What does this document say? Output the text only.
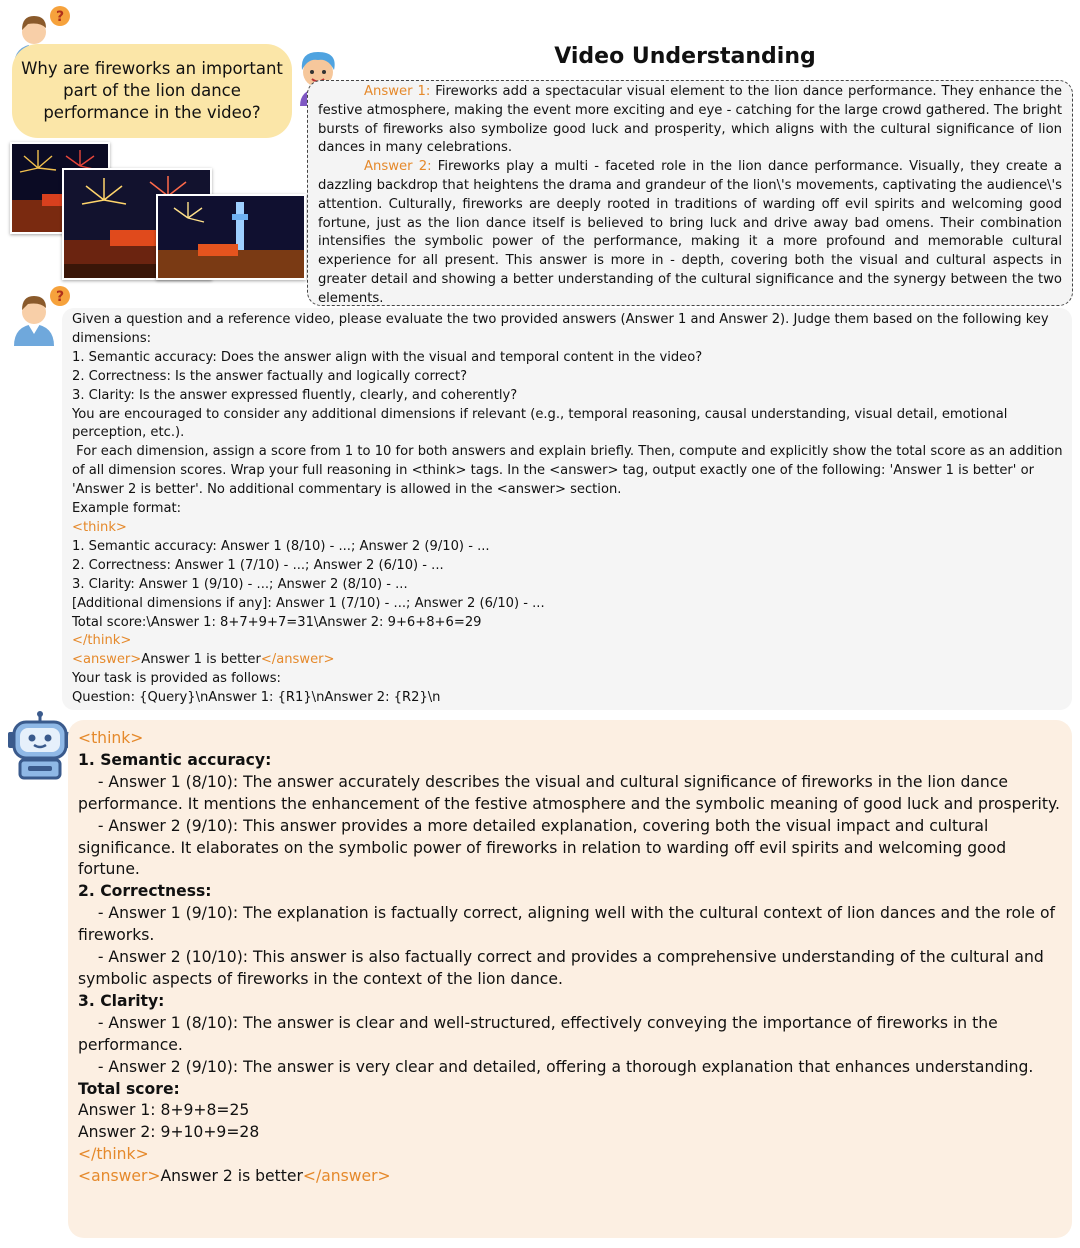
?
Why are fireworks an important
part of the lion dance
performance in the video?
Video Understanding

Answer 1: Fireworks add a spectacular visual element to the lion dance performance. They enhance the festive atmosphere, making the event more exciting and eye - catching for the large crowd gathered. The bright bursts of fireworks also symbolize good luck and prosperity, which aligns with the cultural significance of lion dances in many celebrations.

Answer 2: Fireworks play a multi - faceted role in the lion dance performance. Visually, they create a dazzling backdrop that heightens the drama and grandeur of the lion\'s movements, captivating the audience\'s attention. Culturally, fireworks are deeply rooted in traditions of warding off evil spirits and welcoming good fortune, just as the lion dance itself is believed to bring luck and drive away bad omens. Their combination intensifies the symbolic power of the performance, making it a more profound and memorable cultural experience for all present. This answer is more in - depth, covering both the visual and cultural aspects in greater detail and showing a better understanding of the cultural significance and the synergy between the two elements.

?
Given a question and a reference video, please evaluate the two provided answers (Answer 1 and Answer 2). Judge them based on the following key dimensions:
1. Semantic accuracy: Does the answer align with the visual and temporal content in the video?
2. Correctness: Is the answer factually and logically correct?
3. Clarity: Is the answer expressed fluently, clearly, and coherently?
You are encouraged to consider any additional dimensions if relevant (e.g., temporal reasoning, causal understanding, visual detail, emotional perception, etc.).
For each dimension, assign a score from 1 to 10 for both answers and explain briefly. Then, compute and explicitly show the total score as an addition of all dimension scores. Wrap your full reasoning in <think> tags. In the <answer> tag, output exactly one of the following: 'Answer 1 is better' or 'Answer 2 is better'. No additional commentary is allowed in the <answer> section.
Example format:
<think>
1. Semantic accuracy: Answer 1 (8/10) - ...; Answer 2 (9/10) - ...
2. Correctness: Answer 1 (7/10) - ...; Answer 2 (6/10) - ...
3. Clarity: Answer 1 (9/10) - ...; Answer 2 (8/10) - ...
[Additional dimensions if any]: Answer 1 (7/10) - ...; Answer 2 (6/10) - ...
Total score:\Answer 1: 8+7+9+7=31\Answer 2: 9+6+8+6=29
</think>
<answer>Answer 1 is better</answer>
Your task is provided as follows:
Question: {Query}\nAnswer 1: {R1}\nAnswer 2: {R2}\n
<think>
1. Semantic accuracy:
- Answer 1 (8/10): The answer accurately describes the visual and cultural significance of fireworks in the lion dance performance. It mentions the enhancement of the festive atmosphere and the symbolic meaning of good luck and prosperity.
- Answer 2 (9/10): This answer provides a more detailed explanation, covering both the visual impact and cultural significance. It elaborates on the symbolic power of fireworks in relation to warding off evil spirits and welcoming good fortune.
2. Correctness:
- Answer 1 (9/10): The explanation is factually correct, aligning well with the cultural context of lion dances and the role of fireworks.
- Answer 2 (10/10): This answer is also factually correct and provides a comprehensive understanding of the cultural and symbolic aspects of fireworks in the context of the lion dance.
3. Clarity:
- Answer 1 (8/10): The answer is clear and well-structured, effectively conveying the importance of fireworks in the performance.
- Answer 2 (9/10): The answer is very clear and detailed, offering a thorough explanation that enhances understanding.
Total score:
Answer 1: 8+9+8=25
Answer 2: 9+10+9=28
</think>
<answer>Answer 2 is better</answer>
